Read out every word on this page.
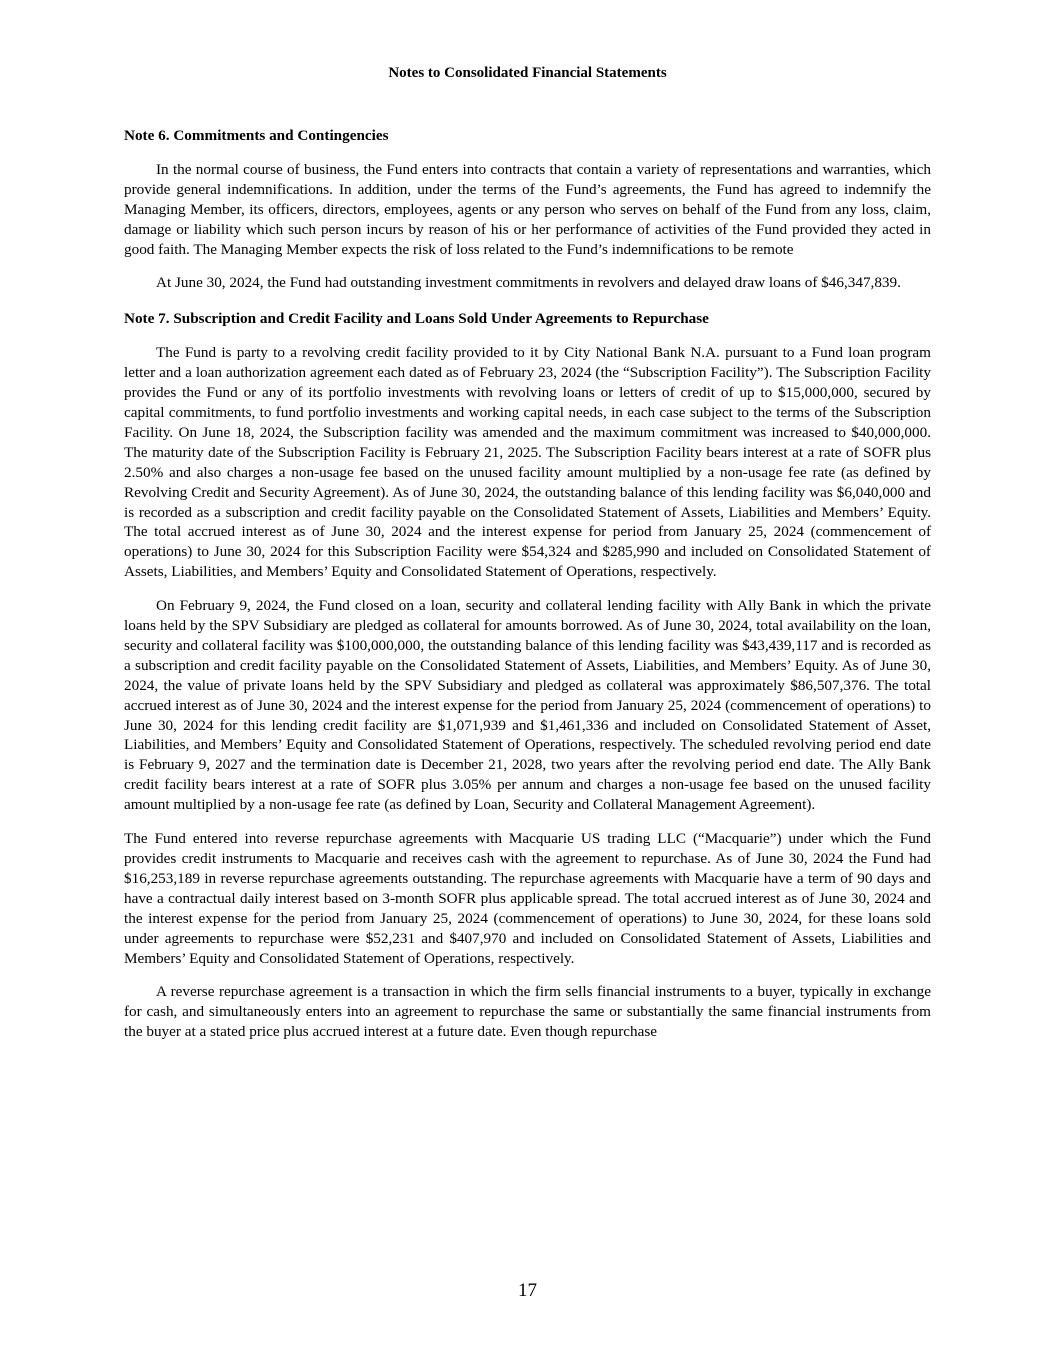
Notes to Consolidated Financial Statements

Note 6. Commitments and Contingencies

In the normal course of business, the Fund enters into contracts that contain a variety of representations and warranties, which provide general indemnifications. In addition, under the terms of the Fund’s agreements, the Fund has agreed to indemnify the Managing Member, its officers, directors, employees, agents or any person who serves on behalf of the Fund from any loss, claim, damage or liability which such person incurs by reason of his or her performance of activities of the Fund provided they acted in good faith. The Managing Member expects the risk of loss related to the Fund’s indemnifications to be remote

At June 30, 2024, the Fund had outstanding investment commitments in revolvers and delayed draw loans of $46,347,839.

Note 7. Subscription and Credit Facility and Loans Sold Under Agreements to Repurchase

The Fund is party to a revolving credit facility provided to it by City National Bank N.A. pursuant to a Fund loan program letter and a loan authorization agreement each dated as of February 23, 2024 (the “Subscription Facility”). The Subscription Facility provides the Fund or any of its portfolio investments with revolving loans or letters of credit of up to $15,000,000, secured by capital commitments, to fund portfolio investments and working capital needs, in each case subject to the terms of the Subscription Facility. On June 18, 2024, the Subscription facility was amended and the maximum commitment was increased to $40,000,000. The maturity date of the Subscription Facility is February 21, 2025. The Subscription Facility bears interest at a rate of SOFR plus 2.50% and also charges a non-usage fee based on the unused facility amount multiplied by a non-usage fee rate (as defined by Revolving Credit and Security Agreement). As of June 30, 2024, the outstanding balance of this lending facility was $6,040,000 and is recorded as a subscription and credit facility payable on the Consolidated Statement of Assets, Liabilities and Members’ Equity. The total accrued interest as of June 30, 2024 and the interest expense for period from January 25, 2024 (commencement of operations) to June 30, 2024 for this Subscription Facility were $54,324 and $285,990 and included on Consolidated Statement of Assets, Liabilities, and Members’ Equity and Consolidated Statement of Operations, respectively.

On February 9, 2024, the Fund closed on a loan, security and collateral lending facility with Ally Bank in which the private loans held by the SPV Subsidiary are pledged as collateral for amounts borrowed. As of June 30, 2024, total availability on the loan, security and collateral facility was $100,000,000, the outstanding balance of this lending facility was $43,439,117 and is recorded as a subscription and credit facility payable on the Consolidated Statement of Assets, Liabilities, and Members’ Equity. As of June 30, 2024, the value of private loans held by the SPV Subsidiary and pledged as collateral was approximately $86,507,376. The total accrued interest as of June 30, 2024 and the interest expense for the period from January 25, 2024 (commencement of operations) to June 30, 2024 for this lending credit facility are $1,071,939 and $1,461,336 and included on Consolidated Statement of Asset, Liabilities, and Members’ Equity and Consolidated Statement of Operations, respectively. The scheduled revolving period end date is February 9, 2027 and the termination date is December 21, 2028, two years after the revolving period end date. The Ally Bank credit facility bears interest at a rate of SOFR plus 3.05% per annum and charges a non-usage fee based on the unused facility amount multiplied by a non-usage fee rate (as defined by Loan, Security and Collateral Management Agreement).

The Fund entered into reverse repurchase agreements with Macquarie US trading LLC (“Macquarie”) under which the Fund provides credit instruments to Macquarie and receives cash with the agreement to repurchase. As of June 30, 2024 the Fund had $16,253,189 in reverse repurchase agreements outstanding. The repurchase agreements with Macquarie have a term of 90 days and have a contractual daily interest based on 3-month SOFR plus applicable spread. The total accrued interest as of June 30, 2024 and the interest expense for the period from January 25, 2024 (commencement of operations) to June 30, 2024, for these loans sold under agreements to repurchase were $52,231 and $407,970 and included on Consolidated Statement of Assets, Liabilities and Members’ Equity and Consolidated Statement of Operations, respectively.

A reverse repurchase agreement is a transaction in which the firm sells financial instruments to a buyer, typically in exchange for cash, and simultaneously enters into an agreement to repurchase the same or substantially the same financial instruments from the buyer at a stated price plus accrued interest at a future date. Even though repurchase

17
